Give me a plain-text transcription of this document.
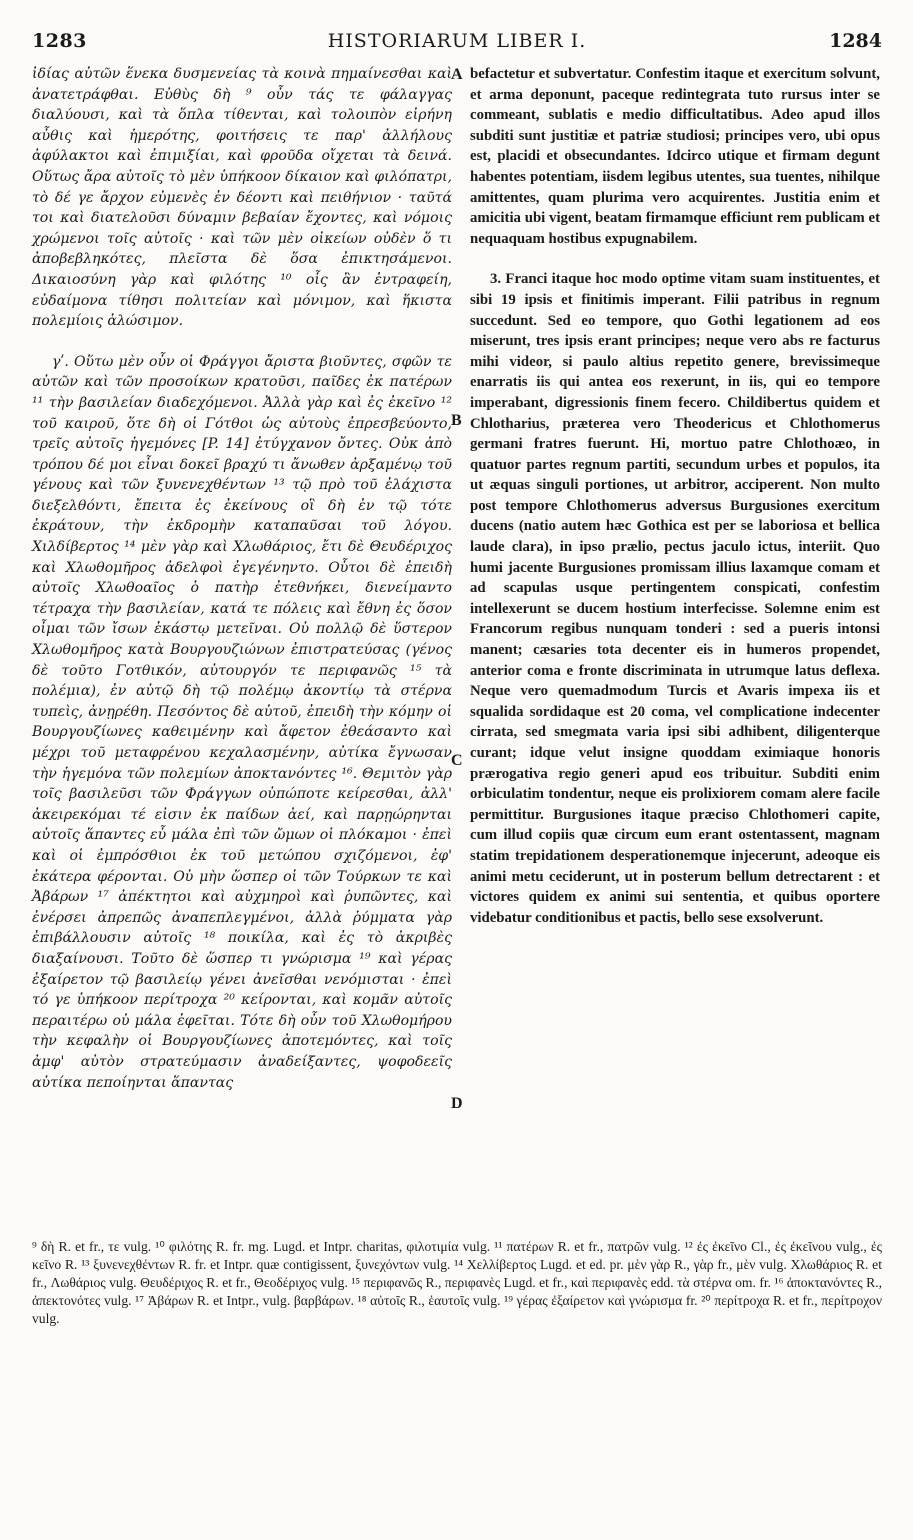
1283	HISTORIARUM LIBER I.	1284

ἰδίας αὐτῶν ἕνεκα δυσμενείας τὰ κοινὰ πημαίνεσθαι καὶ ἀνατετράφθαι. Εὐθὺς δὴ ⁹ οὖν τάς τε φάλαγγας διαλύουσι, καὶ τὰ ὅπλα τίθενται, καὶ τολοιπὸν εἰρήνη αὖθις καὶ ἡμερότης, φοιτήσεις τε παρ' ἀλλήλους ἀφύλακτοι καὶ ἐπιμιξίαι, καὶ φροῦδα οἴχεται τὰ δεινά. Οὕτως ἄρα αὐτοῖς τὸ μὲν ὑπήκοον δίκαιον καὶ φιλόπατρι, τὸ δέ γε ἄρχον εὐμενὲς ἐν δέοντι καὶ πειθήνιον · ταῦτά τοι καὶ διατελοῦσι δύναμιν βεβαίαν ἔχοντες, καὶ νόμοις χρώμενοι τοῖς αὐτοῖς · καὶ τῶν μὲν οἰκείων οὐδὲν ὅ τι ἀποβεβληκότες, πλεῖστα δὲ ὅσα ἐπικτησάμενοι. Δικαιοσύνη γὰρ καὶ φιλότης ¹⁰ οἷς ἂν ἐντραφείη, εὐδαίμονα τίθησι πολιτείαν καὶ μόνιμον, καὶ ἥκιστα πολεμίοις ἁλώσιμον.

γʹ. Οὕτω μὲν οὖν οἱ Φράγγοι ἄριστα βιοῦντες, σφῶν τε αὐτῶν καὶ τῶν προσοίκων κρατοῦσι, παῖδες ἐκ πατέρων ¹¹ τὴν βασιλείαν διαδεχόμενοι. Ἀλλὰ γὰρ καὶ ἐς ἐκεῖνο ¹² τοῦ καιροῦ, ὅτε δὴ οἱ Γότθοι ὡς αὐτοὺς ἐπρεσβεύοντο, τρεῖς αὐτοῖς ἡγεμόνες [P. 14] ἐτύγχανον ὄντες. Οὐκ ἀπὸ τρόπου δέ μοι εἶναι δοκεῖ βραχύ τι ἄνωθεν ἀρξαμένῳ τοῦ γένους καὶ τῶν ξυνενεχθέντων ¹³ τῷ πρὸ τοῦ ἐλάχιστα διεξελθόντι, ἔπειτα ἐς ἐκείνους οἳ δὴ ἐν τῷ τότε ἐκράτουν, τὴν ἐκδρομὴν καταπαῦσαι τοῦ λόγου. Χιλδίβερτος ¹⁴ μὲν γὰρ καὶ Χλωθάριος, ἔτι δὲ Θευδέριχος καὶ Χλωθομῆρος ἀδελφοὶ ἐγεγένηντο. Οὗτοι δὲ ἐπειδὴ αὐτοῖς Χλωθοαῖος ὁ πατὴρ ἐτεθνήκει, διενείμαντο τέτραχα τὴν βασιλείαν, κατά τε πόλεις καὶ ἔθνη ἐς ὅσον οἶμαι τῶν ἴσων ἑκάστῳ μετεῖναι. Οὐ πολλῷ δὲ ὕστερον Χλωθομῆρος κατὰ Βουργουζιώνων ἐπιστρατεύσας (γένος δὲ τοῦτο Γοτθικόν, αὐτουργόν τε περιφανῶς ¹⁵ τὰ πολέμια), ἐν αὐτῷ δὴ τῷ πολέμῳ ἀκοντίῳ τὰ στέρνα τυπεὶς, ἀνῃρέθη. Πεσόντος δὲ αὐτοῦ, ἐπειδὴ τὴν κόμην οἱ Βουργουζίωνες καθειμένην καὶ ἄφετον ἐθεάσαντο καὶ μέχρι τοῦ μεταφρένου κεχαλασμένην, αὐτίκα ἔγνωσαν τὴν ἡγεμόνα τῶν πολεμίων ἀποκτανόντες ¹⁶. Θεμιτὸν γὰρ τοῖς βασιλεῦσι τῶν Φράγγων οὐπώποτε κείρεσθαι, ἀλλ' ἀκειρεκόμαι τέ εἰσιν ἐκ παίδων ἀεί, καὶ παρῃώρηνται αὐτοῖς ἅπαντες εὖ μάλα ἐπὶ τῶν ὤμων οἱ πλόκαμοι · ἐπεὶ καὶ οἱ ἐμπρόσθιοι ἐκ τοῦ μετώπου σχιζόμενοι, ἐφ' ἑκάτερα φέρονται. Οὐ μὴν ὥσπερ οἱ τῶν Τούρκων τε καὶ Ἀβάρων ¹⁷ ἀπέκτητοι καὶ αὐχμηροὶ καὶ ῥυπῶντες, καὶ ἐνέρσει ἀπρεπῶς ἀναπεπλεγμένοι, ἀλλὰ ῥύμματα γὰρ ἐπιβάλλουσιν αὐτοῖς ¹⁸ ποικίλα, καὶ ἐς τὸ ἀκριβὲς διαξαίνουσι. Τοῦτο δὲ ὥσπερ τι γνώρισμα ¹⁹ καὶ γέρας ἐξαίρετον τῷ βασιλείῳ γένει ἀνεῖσθαι νενόμισται · ἐπεὶ τό γε ὑπήκοον περίτροχα ²⁰ κείρονται, καὶ κομᾶν αὐτοῖς περαιτέρω οὐ μάλα ἐφεῖται. Τότε δὴ οὖν τοῦ Χλωθομήρου τὴν κεφαλὴν οἱ Βουργουζίωνες ἀποτεμόντες, καὶ τοῖς ἀμφ' αὐτὸν στρατεύμασιν ἀναδείξαντες, ψοφοδεεῖς αὐτίκα πεποίηνται ἅπαντας

befactetur et subvertatur. Confestim itaque et exercitum solvunt, et arma deponunt, paceque redintegrata tuto rursus inter se commeant, sublatis e medio difficultatibus. Adeo apud illos subditi sunt justitiæ et patriæ studiosi; principes vero, ubi opus est, placidi et obsecundantes. Idcirco utique et firmam degunt habentes potentiam, iisdem legibus utentes, sua tuentes, nihilque amittentes, quam plurima vero acquirentes. Justitia enim et amicitia ubi vigent, beatam firmamque efficiunt rem publicam et nequaquam hostibus expugnabilem.

3. Franci itaque hoc modo optime vitam suam instituentes, et sibi 19 ipsis et finitimis imperant. Filii patribus in regnum succedunt. Sed eo tempore, quo Gothi legationem ad eos miserunt, tres ipsis erant principes; neque vero abs re facturus mihi videor, si paulo altius repetito genere, brevissimeque enarratis iis qui antea eos rexerunt, in iis, qui eo tempore imperabant, digressionis finem fecero. Childibertus quidem et Chlotharius, præterea vero Theodericus et Chlothomerus germani fratres fuerunt. Hi, mortuo patre Chlothoæo, in quatuor partes regnum partiti, secundum urbes et populos, ita ut æquas singuli portiones, ut arbitror, acciperent. Non multo post tempore Chlothomerus adversus Burgusiones exercitum ducens (natio autem hæc Gothica est per se laboriosa et bellica laude clara), in ipso prælio, pectus jaculo ictus, interiit. Quo humi jacente Burgusiones promissam illius laxamque comam et ad scapulas usque pertingentem conspicati, confestim intellexerunt se ducem hostium interfecisse. Solemne enim est Francorum regibus nunquam tonderi : sed a pueris intonsi manent; cæsaries tota decenter eis in humeros propendet, anterior coma e fronte discriminata in utrumque latus deflexa. Neque vero quemadmodum Turcis et Avaris impexa iis et squalida sordidaque est 20 coma, vel complicatione indecenter cirrata, sed smegmata varia ipsi sibi adhibent, diligenterque curant; idque velut insigne quoddam eximiaque honoris prærogativa regio generi apud eos tribuitur. Subditi enim orbiculatim tondentur, neque eis prolixiorem comam alere facile permittitur. Burgusiones itaque præciso Chlothomeri capite, cum illud copiis quæ circum eum erant ostentassent, magnam statim trepidationem desperationemque injecerunt, adeoque eis animi metu ceciderunt, ut in posterum bellum detrectarent : et victores quidem ex animi sui sententia, et quibus oportere videbatur conditionibus et pactis, bello sese exsolverunt.

A
B
C
D

⁹ δὴ R. et fr., τε vulg. ¹⁰ φιλότης R. fr. mg. Lugd. et Intpr. charitas, φιλοτιμία vulg. ¹¹ πατέρων R. et fr., πατρῶν vulg. ¹² ἐς ἐκεῖνο Cl., ἐς ἐκεῖνου vulg., ἐς κεῖνο R. ¹³ ξυνενεχθέντων R. fr. et Intpr. quæ contigissent, ξυνεχόντων vulg. ¹⁴ Χελλίβερτος Lugd. et ed. pr. μὲν γὰρ R., γὰρ fr., μὲν vulg. Χλωθάριος R. et fr., Λωθάριος vulg. Θευδέριχος R. et fr., Θεοδέριχος vulg. ¹⁵ περιφανῶς R., περιφανὲς Lugd. et fr., καὶ περιφανὲς edd. τὰ στέρνα om. fr. ¹⁶ ἀποκτανόντες R., ἀπεκτονότες vulg. ¹⁷ Ἀβάρων R. et Intpr., vulg. βαρβάρων. ¹⁸ αὐτοῖς R., ἑαυτοῖς vulg. ¹⁹ γέρας ἐξαίρετον καὶ γνώρισμα fr. ²⁰ περίτροχα R. et fr., περίτροχον vulg.
